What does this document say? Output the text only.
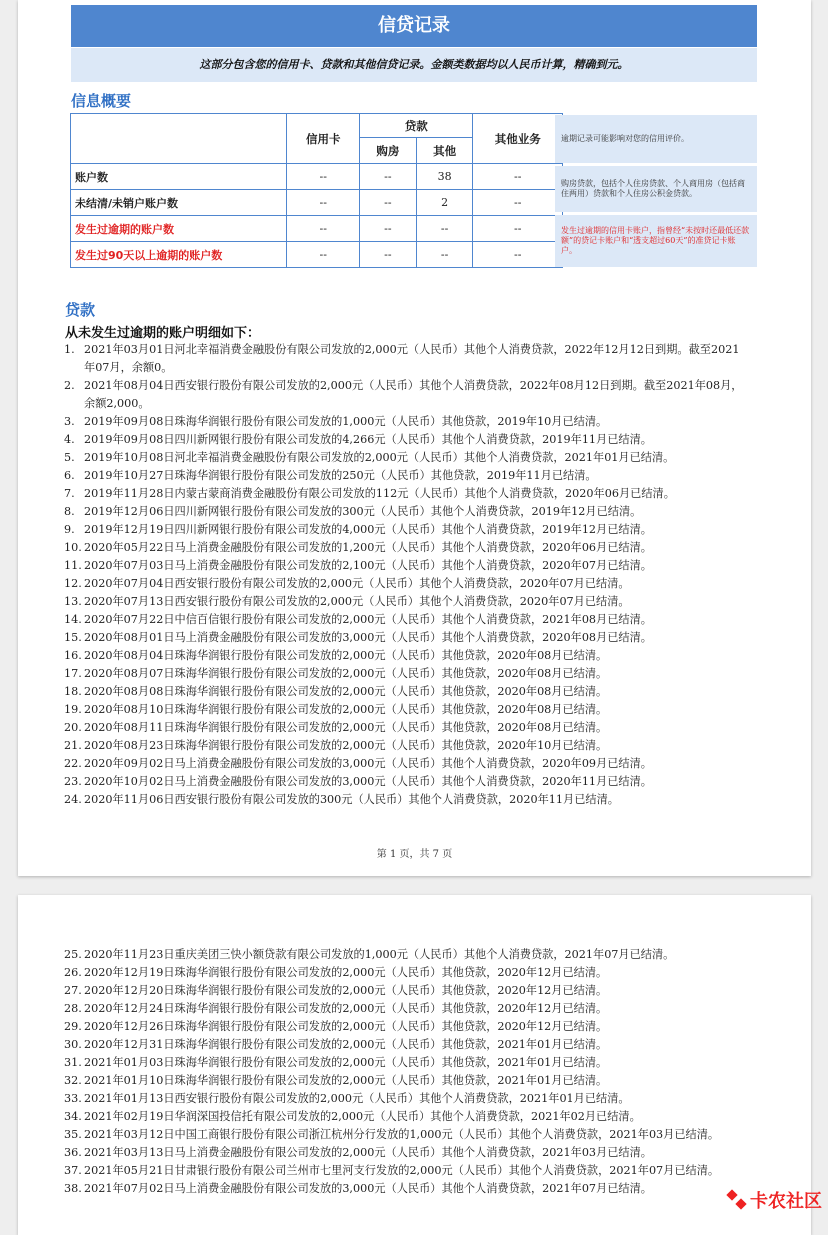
信贷记录
这部分包含您的信用卡、贷款和其他信贷记录。金额类数据均以人民币计算，精确到元。
信息概要
	信用卡	贷款		其他业务
		购房	其他	
账户数	--	--	38	--
未结清/未销户账户数	--	--	2	--
发生过逾期的账户数	--	--	--	--
发生过90天以上逾期的账户数	--	--	--	--
逾期记录可能影响对您的信用评价。
购房贷款，包括个人住房贷款、个人商用房（包括商住两用）贷款和个人住房公积金贷款。
发生过逾期的信用卡账户，指曾经“未按时还最低还款额”的贷记卡账户和“透支超过60天”的准贷记卡账户。
贷款
从未发生过逾期的账户明细如下：
1. 2021年03月01日河北幸福消费金融股份有限公司发放的2,000元（人民币）其他个人消费贷款，2022年12月12日到期。截至2021年07月，余额0。
2. 2021年08月04日西安银行股份有限公司发放的2,000元（人民币）其他个人消费贷款，2022年08月12日到期。截至2021年08月，余额2,000。
3. 2019年09月08日珠海华润银行股份有限公司发放的1,000元（人民币）其他贷款，2019年10月已结清。
4. 2019年09月08日四川新网银行股份有限公司发放的4,266元（人民币）其他个人消费贷款，2019年11月已结清。
5. 2019年10月08日河北幸福消费金融股份有限公司发放的2,000元（人民币）其他个人消费贷款，2021年01月已结清。
6. 2019年10月27日珠海华润银行股份有限公司发放的250元（人民币）其他贷款，2019年11月已结清。
7. 2019年11月28日内蒙古蒙商消费金融股份有限公司发放的112元（人民币）其他个人消费贷款，2020年06月已结清。
8. 2019年12月06日四川新网银行股份有限公司发放的300元（人民币）其他个人消费贷款，2019年12月已结清。
9. 2019年12月19日四川新网银行股份有限公司发放的4,000元（人民币）其他个人消费贷款，2019年12月已结清。
10. 2020年05月22日马上消费金融股份有限公司发放的1,200元（人民币）其他个人消费贷款，2020年06月已结清。
11. 2020年07月03日马上消费金融股份有限公司发放的2,100元（人民币）其他个人消费贷款，2020年07月已结清。
12. 2020年07月04日西安银行股份有限公司发放的2,000元（人民币）其他个人消费贷款，2020年07月已结清。
13. 2020年07月13日西安银行股份有限公司发放的2,000元（人民币）其他个人消费贷款，2020年07月已结清。
14. 2020年07月22日中信百信银行股份有限公司发放的2,000元（人民币）其他个人消费贷款，2021年08月已结清。
15. 2020年08月01日马上消费金融股份有限公司发放的3,000元（人民币）其他个人消费贷款，2020年08月已结清。
16. 2020年08月04日珠海华润银行股份有限公司发放的2,000元（人民币）其他贷款，2020年08月已结清。
17. 2020年08月07日珠海华润银行股份有限公司发放的2,000元（人民币）其他贷款，2020年08月已结清。
18. 2020年08月08日珠海华润银行股份有限公司发放的2,000元（人民币）其他贷款，2020年08月已结清。
19. 2020年08月10日珠海华润银行股份有限公司发放的2,000元（人民币）其他贷款，2020年08月已结清。
20. 2020年08月11日珠海华润银行股份有限公司发放的2,000元（人民币）其他贷款，2020年08月已结清。
21. 2020年08月23日珠海华润银行股份有限公司发放的2,000元（人民币）其他贷款，2020年10月已结清。
22. 2020年09月02日马上消费金融股份有限公司发放的3,000元（人民币）其他个人消费贷款，2020年09月已结清。
23. 2020年10月02日马上消费金融股份有限公司发放的3,000元（人民币）其他个人消费贷款，2020年11月已结清。
24. 2020年11月06日西安银行股份有限公司发放的300元（人民币）其他个人消费贷款，2020年11月已结清。
第 1 页，共 7 页
25. 2020年11月23日重庆美团三快小额贷款有限公司发放的1,000元（人民币）其他个人消费贷款，2021年07月已结清。
26. 2020年12月19日珠海华润银行股份有限公司发放的2,000元（人民币）其他贷款，2020年12月已结清。
27. 2020年12月20日珠海华润银行股份有限公司发放的2,000元（人民币）其他贷款，2020年12月已结清。
28. 2020年12月24日珠海华润银行股份有限公司发放的2,000元（人民币）其他贷款，2020年12月已结清。
29. 2020年12月26日珠海华润银行股份有限公司发放的2,000元（人民币）其他贷款，2020年12月已结清。
30. 2020年12月31日珠海华润银行股份有限公司发放的2,000元（人民币）其他贷款，2021年01月已结清。
31. 2021年01月03日珠海华润银行股份有限公司发放的2,000元（人民币）其他贷款，2021年01月已结清。
32. 2021年01月10日珠海华润银行股份有限公司发放的2,000元（人民币）其他贷款，2021年01月已结清。
33. 2021年01月13日西安银行股份有限公司发放的2,000元（人民币）其他个人消费贷款，2021年01月已结清。
34. 2021年02月19日华润深国投信托有限公司发放的2,000元（人民币）其他个人消费贷款，2021年02月已结清。
35. 2021年03月12日中国工商银行股份有限公司浙江杭州分行发放的1,000元（人民币）其他个人消费贷款，2021年03月已结清。
36. 2021年03月13日马上消费金融股份有限公司发放的2,000元（人民币）其他个人消费贷款，2021年03月已结清。
37. 2021年05月21日甘肃银行股份有限公司兰州市七里河支行发放的2,000元（人民币）其他个人消费贷款，2021年07月已结清。
38. 2021年07月02日马上消费金融股份有限公司发放的3,000元（人民币）其他个人消费贷款，2021年07月已结清。
卡农社区
